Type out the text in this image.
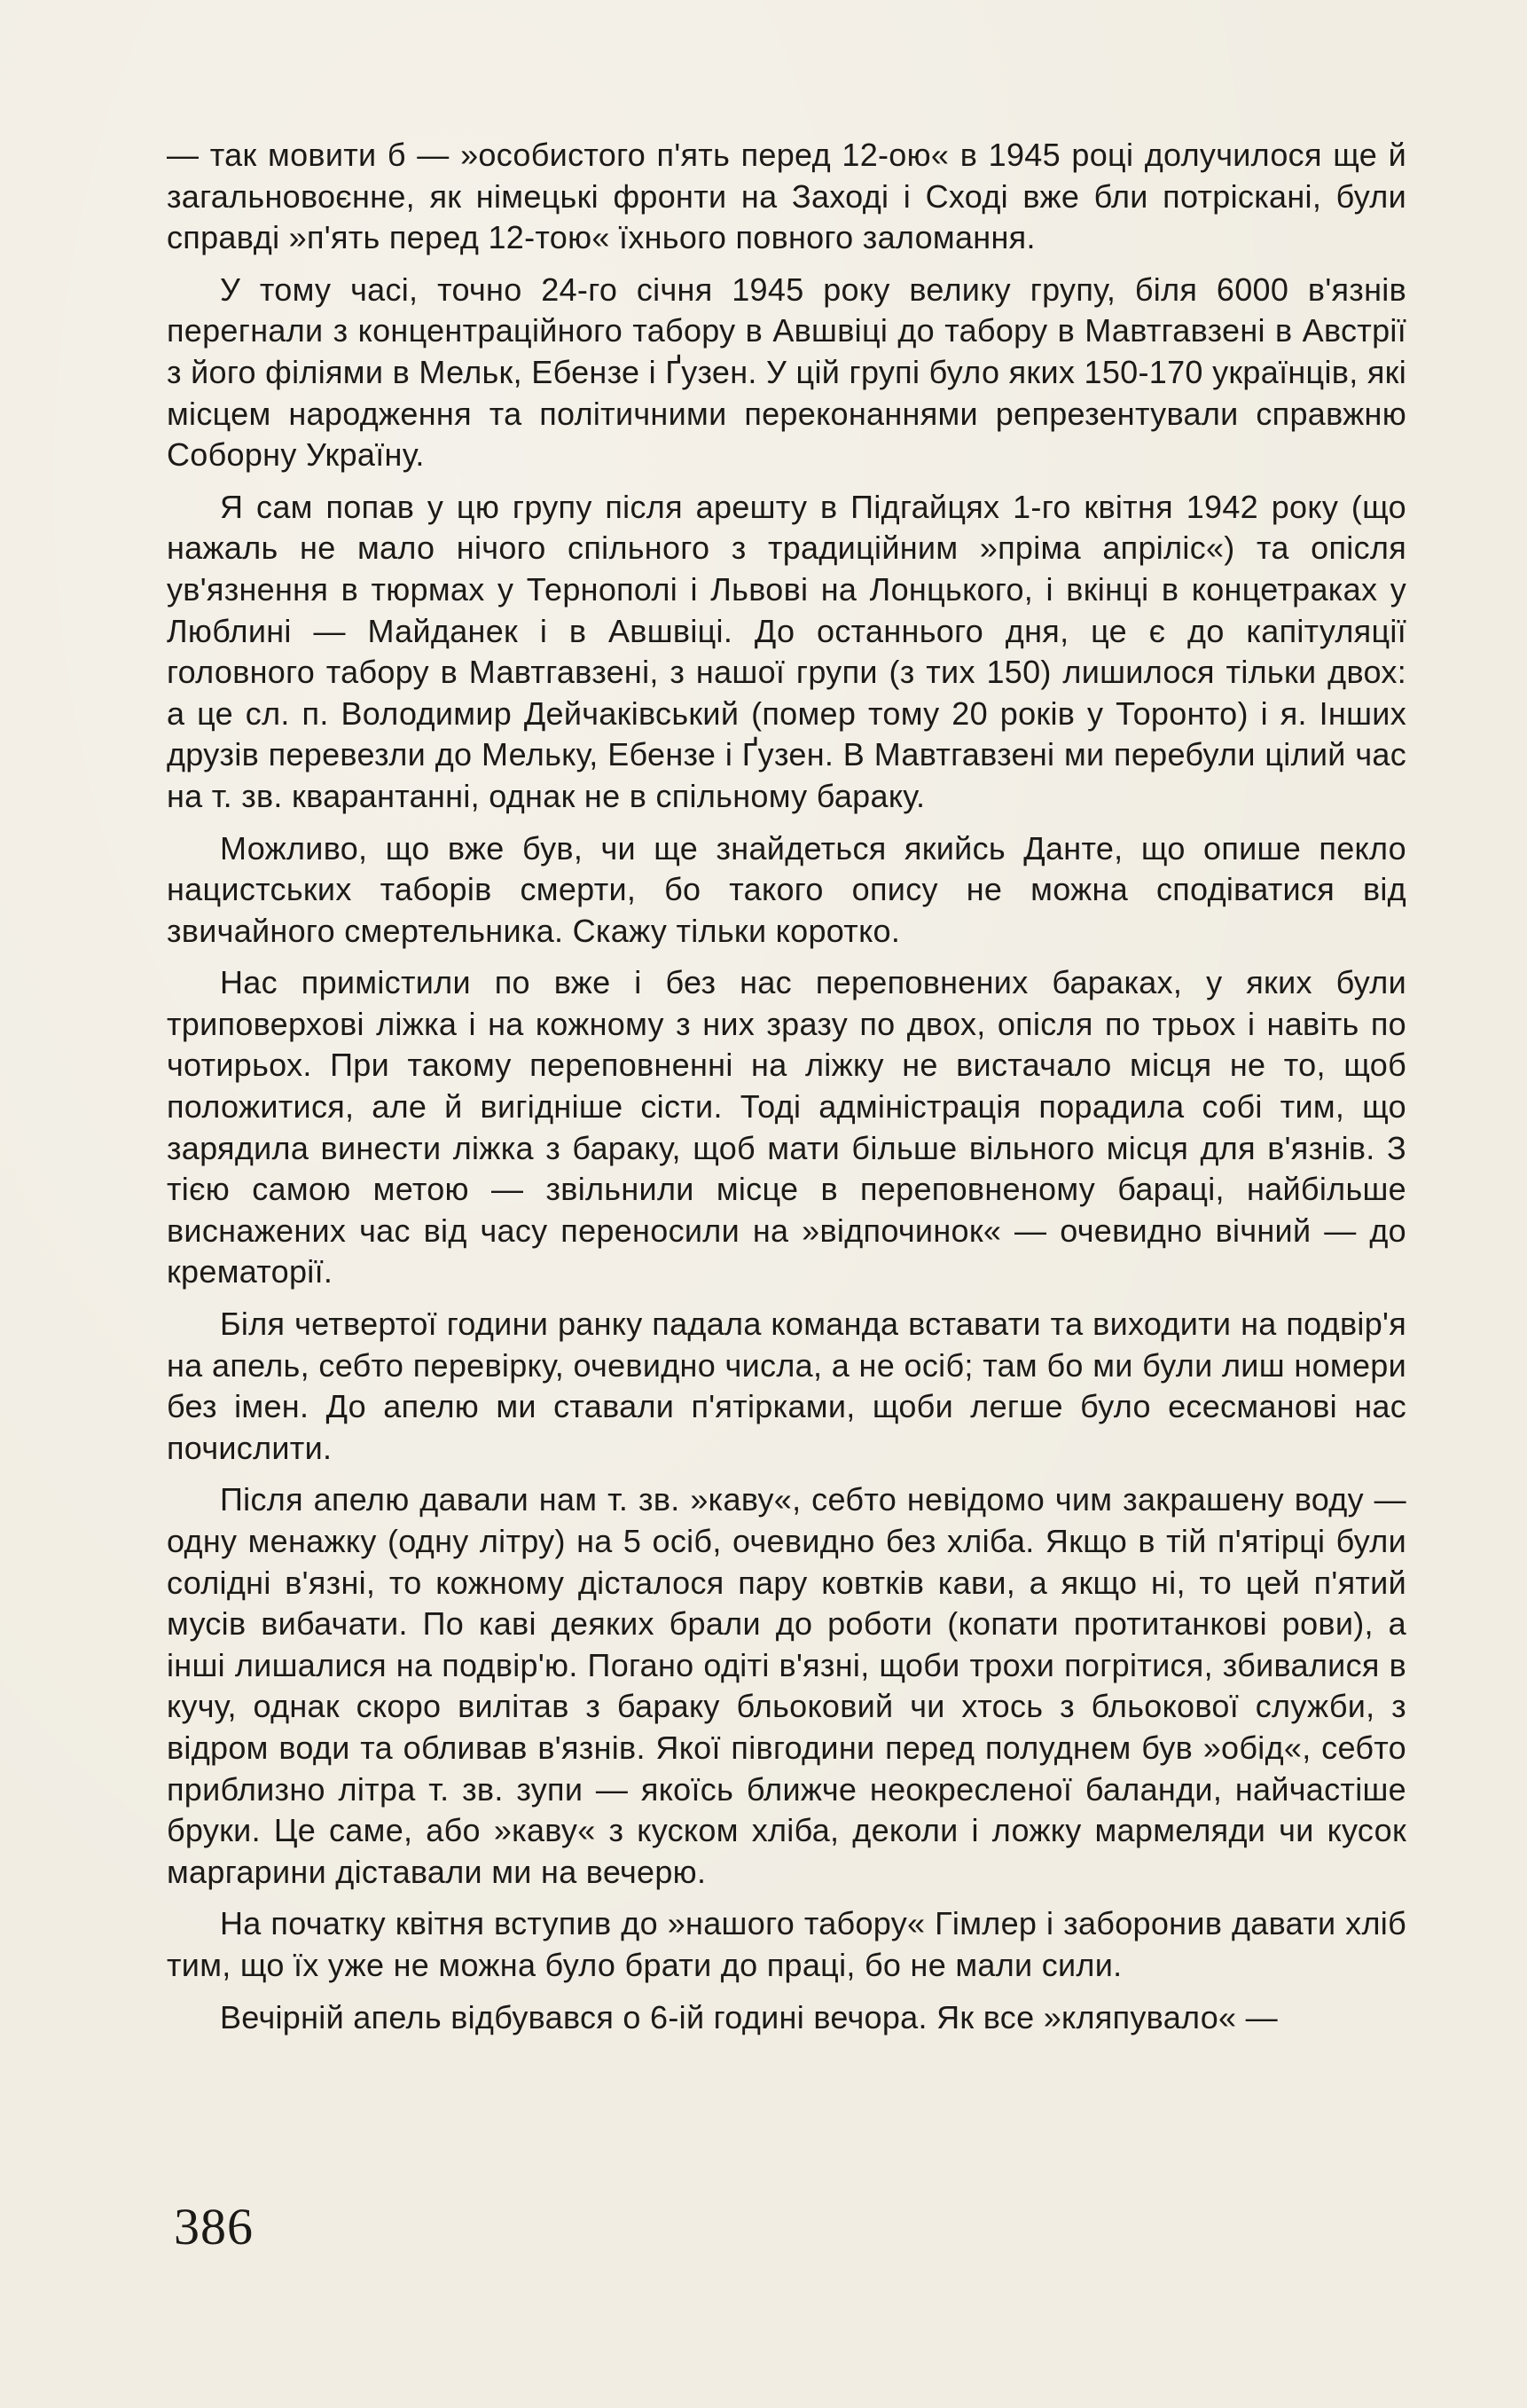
— так мовити б — »особистого п'ять перед 12-ою« в 1945 році долучилося ще й загальновоєнне, як німецькі фронти на Заході і Сході вже бли потріскані, були справді »п'ять перед 12-тою« їхнього повного заломання.

У тому часі, точно 24-го січня 1945 року велику групу, біля 6000 в'язнів перегнали з концентраційного табору в Авшвіці до табору в Мавтгавзені в Австрії з його філіями в Мельк, Ебензе і Ґузен. У цій групі було яких 150-170 українців, які місцем народження та політичними переконаннями репрезентували справжню Соборну Україну.

Я сам попав у цю групу після арешту в Підгайцях 1-го квітня 1942 року (що нажаль не мало нічого спільного з традиційним »пріма апріліс«) та опісля ув'язнення в тюрмах у Тернополі і Львові на Лонцького, і вкінці в концетраках у Люблині — Майданек і в Авшвіці. До останнього дня, це є до капітуляції головного табору в Мавтгавзені, з нашої групи (з тих 150) лишилося тільки двох: а це сл. п. Володимир Дейчаківський (помер тому 20 років у Торонто) і я. Інших друзів перевезли до Мельку, Ебензе і Ґузен. В Мавтгавзені ми перебули цілий час на т. зв. кварантанні, однак не в спільному бараку.

Можливо, що вже був, чи ще знайдеться якийсь Данте, що опише пекло нацистських таборів смерти, бо такого опису не можна сподіватися від звичайного смертельника. Скажу тільки коротко.

Нас примістили по вже і без нас переповнених бараках, у яких були триповерхові ліжка і на кожному з них зразу по двох, опісля по трьох і навіть по чотирьох. При такому переповненні на ліжку не вистачало місця не то, щоб положитися, але й вигідніше сісти. Тоді адміністрація порадила собі тим, що зарядила винести ліжка з бараку, щоб мати більше вільного місця для в'язнів. З тією самою метою — звільнили місце в переповненому бараці, найбільше виснажених час від часу переносили на »відпочинок« — очевидно вічний — до крематорії.

Біля четвертої години ранку падала команда вставати та виходити на подвір'я на апель, себто перевірку, очевидно числа, а не осіб; там бо ми були лиш номери без імен. До апелю ми ставали п'ятірками, щоби легше було есесманові нас почислити.

Після апелю давали нам т. зв. »каву«, себто невідомо чим закрашену воду — одну менажку (одну літру) на 5 осіб, очевидно без хліба. Якщо в тій п'ятірці були солідні в'язні, то кожному дісталося пару ковтків кави, а якщо ні, то цей п'ятий мусів вибачати. По каві деяких брали до роботи (копати протитанкові рови), а інші лишалися на подвір'ю. Погано одіті в'язні, щоби трохи погрітися, збивалися в кучу, однак скоро вилітав з бараку бльоковий чи хтось з бльокової служби, з відром води та обливав в'язнів. Якої півгодини перед полуднем був »обід«, себто приблизно літра т. зв. зупи — якоїсь ближче неокресленої баланди, найчастіше бруки. Це саме, або »каву« з куском хліба, деколи і ложку мармеляди чи кусок маргарини діставали ми на вечерю.

На початку квітня вступив до »нашого табору« Гімлер і заборонив давати хліб тим, що їх уже не можна було брати до праці, бо не мали сили.

Вечірній апель відбувався о 6-ій годині вечора. Як все »кляпувало« —

386
